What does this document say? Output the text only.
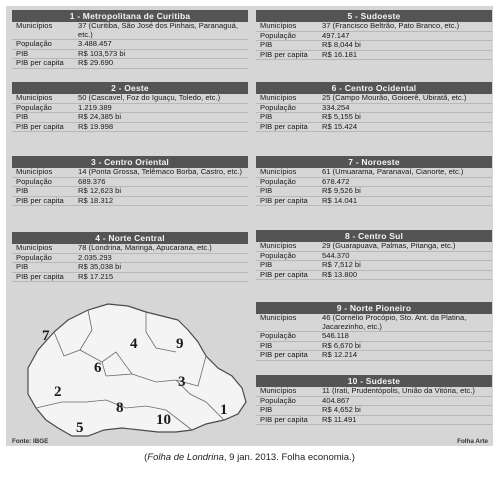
1 - Metropolitana de Curitiba
Municípios	37 (Curitiba, São José dos Pinhais, Paranaguá, etc.)
População	3.488.457
PIB	R$ 103,573 bi
PIB per capita	R$ 29.690
2 - Oeste
Municípios	50 (Cascavel, Foz do Iguaçu, Toledo, etc.)
População	1.219.389
PIB	R$ 24,385 bi
PIB per capita	R$ 19.998
3 - Centro Oriental
Municípios	14 (Ponta Grossa, Telêmaco Borba, Castro, etc.)
População	689.376
PIB	R$ 12,623 bi
PIB per capita	R$ 18.312
4 - Norte Central
Municípios	78 (Londrina, Maringá, Apucarana, etc.)
População	2.035.293
PIB	R$ 35,038 bi
PIB per capita	R$ 17.215
5 - Sudoeste
Municípios	37 (Francisco Beltrão, Pato Branco, etc.)
População	497.147
PIB	R$ 8,044 bi
PIB per capita	R$ 16.181
6 - Centro Ocidental
Municípios	25 (Campo Mourão, Goioerê, Ubiratã, etc.)
População	334.254
PIB	R$ 5,155 bi
PIB per capita	R$ 15.424
7 - Noroeste
Municípios	61 (Umuarama, Paranavaí, Cianorte, etc.)
População	678.472
PIB	R$ 9,526 bi
PIB per capita	R$ 14.041
8 - Centro Sul
Municípios	29 (Guarapuava, Palmas, Pitanga, etc.)
População	544.370
PIB	R$ 7,512 bi
PIB per capita	R$ 13.800
9 - Norte Pioneiro
Municípios	46 (Cornélio Procópio, Sto. Ant. da Platina, Jacarezinho, etc.)
População	546.118
PIB	R$ 6,670 bi
PIB per capita	R$ 12.214
10 - Sudeste
Municípios	11 (Irati, Prudentópolis, União da Vitória, etc.)
População	404.867
PIB	R$ 4,652 bi
PIB per capita	R$ 11.491
7	4	9
6
2
3
8	1
5	10
Fonte: IBGE	Folha Arte
(Folha de Londrina, 9 jan. 2013. Folha economia.)
